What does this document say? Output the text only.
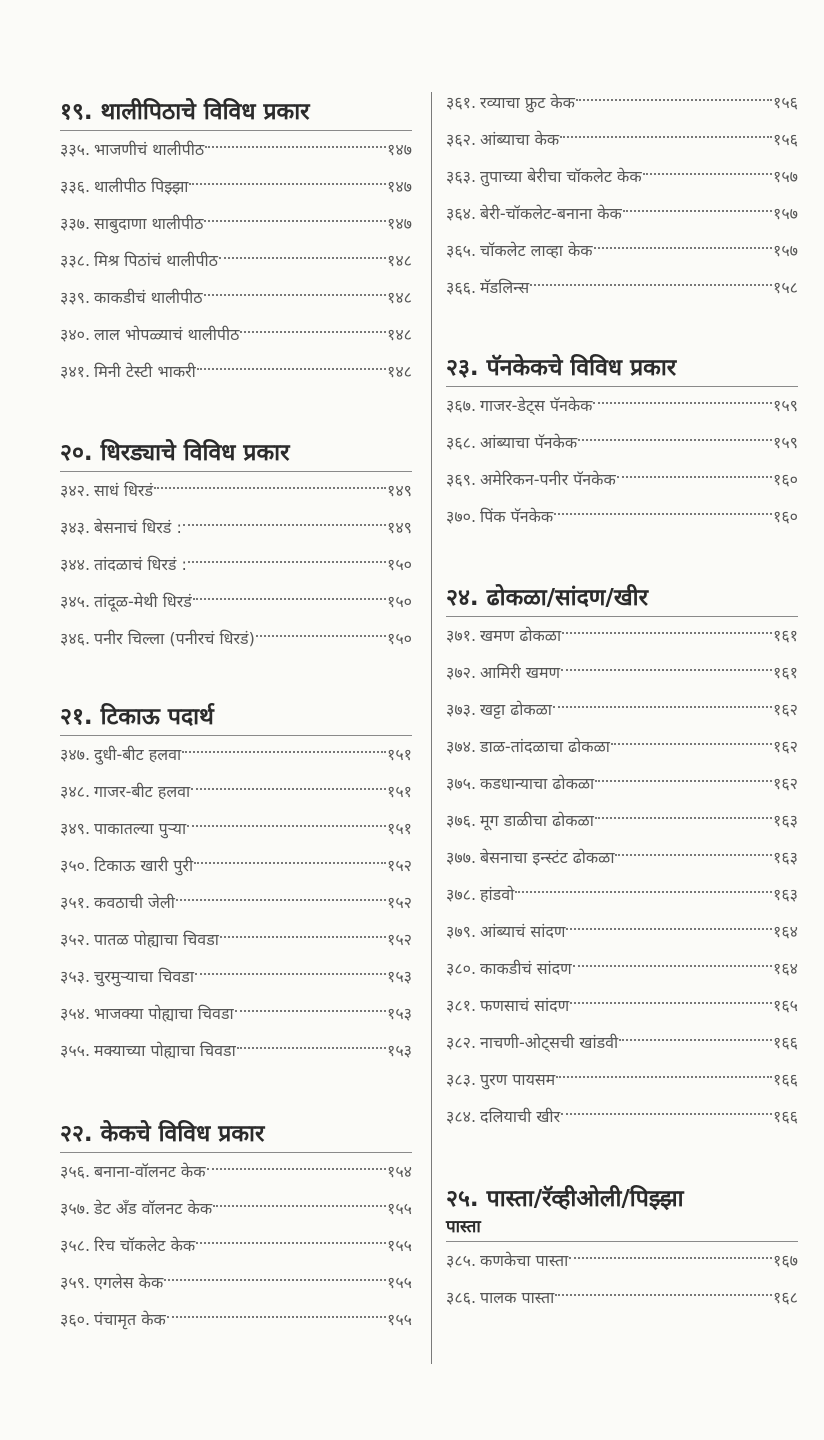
१९. थालीपिठाचे विविध प्रकार
३३५. भाजणीचं थालीपीठ	१४७
३३६. थालीपीठ पिझ्झा	१४७
३३७. साबुदाणा थालीपीठ	१४७
३३८. मिश्र पिठांचं थालीपीठ	१४८
३३९. काकडीचं थालीपीठ	१४८
३४०. लाल भोपळ्याचं थालीपीठ	१४८
३४१. मिनी टेस्टी भाकरी	१४८
२०. धिरड्याचे विविध प्रकार
३४२. साधं धिरडं	१४९
३४३. बेसनाचं धिरडं :	१४९
३४४. तांदळाचं धिरडं :	१५०
३४५. तांदूळ-मेथी धिरडं	१५०
३४६. पनीर चिल्ला (पनीरचं धिरडं)	१५०
२१. टिकाऊ पदार्थ
३४७. दुधी-बीट हलवा	१५१
३४८. गाजर-बीट हलवा	१५१
३४९. पाकातल्या पुऱ्या	१५१
३५०. टिकाऊ खारी पुरी	१५२
३५१. कवठाची जेली	१५२
३५२. पातळ पोह्याचा चिवडा	१५२
३५३. चुरमुऱ्याचा चिवडा	१५३
३५४. भाजक्या पोह्याचा चिवडा	१५३
३५५. मक्याच्या पोह्याचा चिवडा	१५३
२२. केकचे विविध प्रकार
३५६. बनाना-वॉलनट केक	१५४
३५७. डेट अँड वॉलनट केक	१५५
३५८. रिच चॉकलेट केक	१५५
३५९. एगलेस केक	१५५
३६०. पंचामृत केक	१५५
३६१. रव्याचा फ्रुट केक	१५६
३६२. आंब्याचा केक	१५६
३६३. तुपाच्या बेरीचा चॉकलेट केक	१५७
३६४. बेरी-चॉकलेट-बनाना केक	१५७
३६५. चॉकलेट लाव्हा केक	१५७
३६६. मॅडलिन्स	१५८
२३. पॅनकेकचे विविध प्रकार
३६७. गाजर-डेट्स पॅनकेक	१५९
३६८. आंब्याचा पॅनकेक	१५९
३६९. अमेरिकन-पनीर पॅनकेक	१६०
३७०. पिंक पॅनकेक	१६०
२४. ढोकळा/सांदण/खीर
३७१. खमण ढोकळा	१६१
३७२. आमिरी खमण	१६१
३७३. खट्टा ढोकळा	१६२
३७४. डाळ-तांदळाचा ढोकळा	१६२
३७५. कडधान्याचा ढोकळा	१६२
३७६. मूग डाळीचा ढोकळा	१६३
३७७. बेसनाचा इन्स्टंट ढोकळा	१६३
३७८. हांडवो	१६३
३७९. आंब्याचं सांदण	१६४
३८०. काकडीचं सांदण	१६४
३८१. फणसाचं सांदण	१६५
३८२. नाचणी-ओट्सची खांडवी	१६६
३८३. पुरण पायसम	१६६
३८४. दलियाची खीर	१६६
२५. पास्ता/रॅव्हीओली/पिझ्झा
पास्ता
३८५. कणकेचा पास्ता	१६७
३८६. पालक पास्ता	१६८
